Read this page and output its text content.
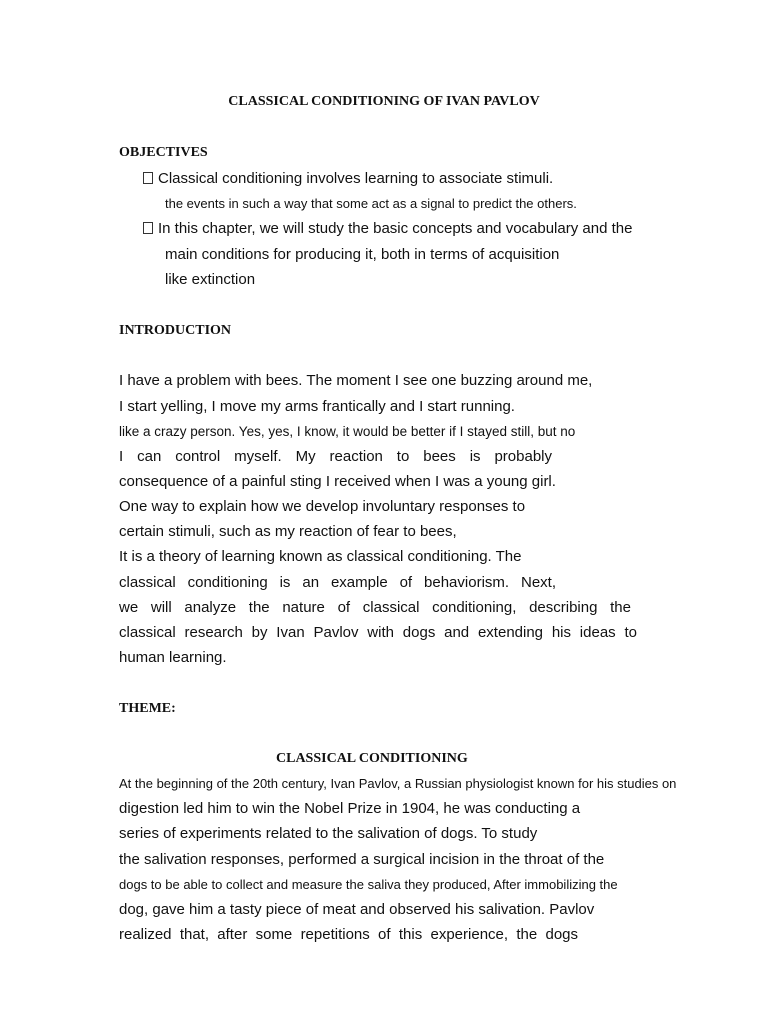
CLASSICAL CONDITIONING OF IVAN PAVLOV
OBJECTIVES
Classical conditioning involves learning to associate stimuli.
the events in such a way that some act as a signal to predict the others.
In this chapter, we will study the basic concepts and vocabulary and the
main conditions for producing it, both in terms of acquisition
like extinction
INTRODUCTION
I have a problem with bees. The moment I see one buzzing around me,
I start yelling, I move my arms frantically and I start running.
like a crazy person. Yes, yes, I know, it would be better if I stayed still, but no
I can control myself. My reaction to bees is probably
consequence of a painful sting I received when I was a young girl.
One way to explain how we develop involuntary responses to
certain stimuli, such as my reaction of fear to bees,
It is a theory of learning known as classical conditioning. The
classical conditioning is an example of behaviorism. Next,
we will analyze the nature of classical conditioning, describing the
classical research by Ivan Pavlov with dogs and extending his ideas to
human learning.
THEME:
CLASSICAL CONDITIONING
At the beginning of the 20th century, Ivan Pavlov, a Russian physiologist known for his studies on
digestion led him to win the Nobel Prize in 1904, he was conducting a
series of experiments related to the salivation of dogs. To study
the salivation responses, performed a surgical incision in the throat of the
dogs to be able to collect and measure the saliva they produced, After immobilizing the
dog, gave him a tasty piece of meat and observed his salivation. Pavlov
realized that, after some repetitions of this experience, the dogs
